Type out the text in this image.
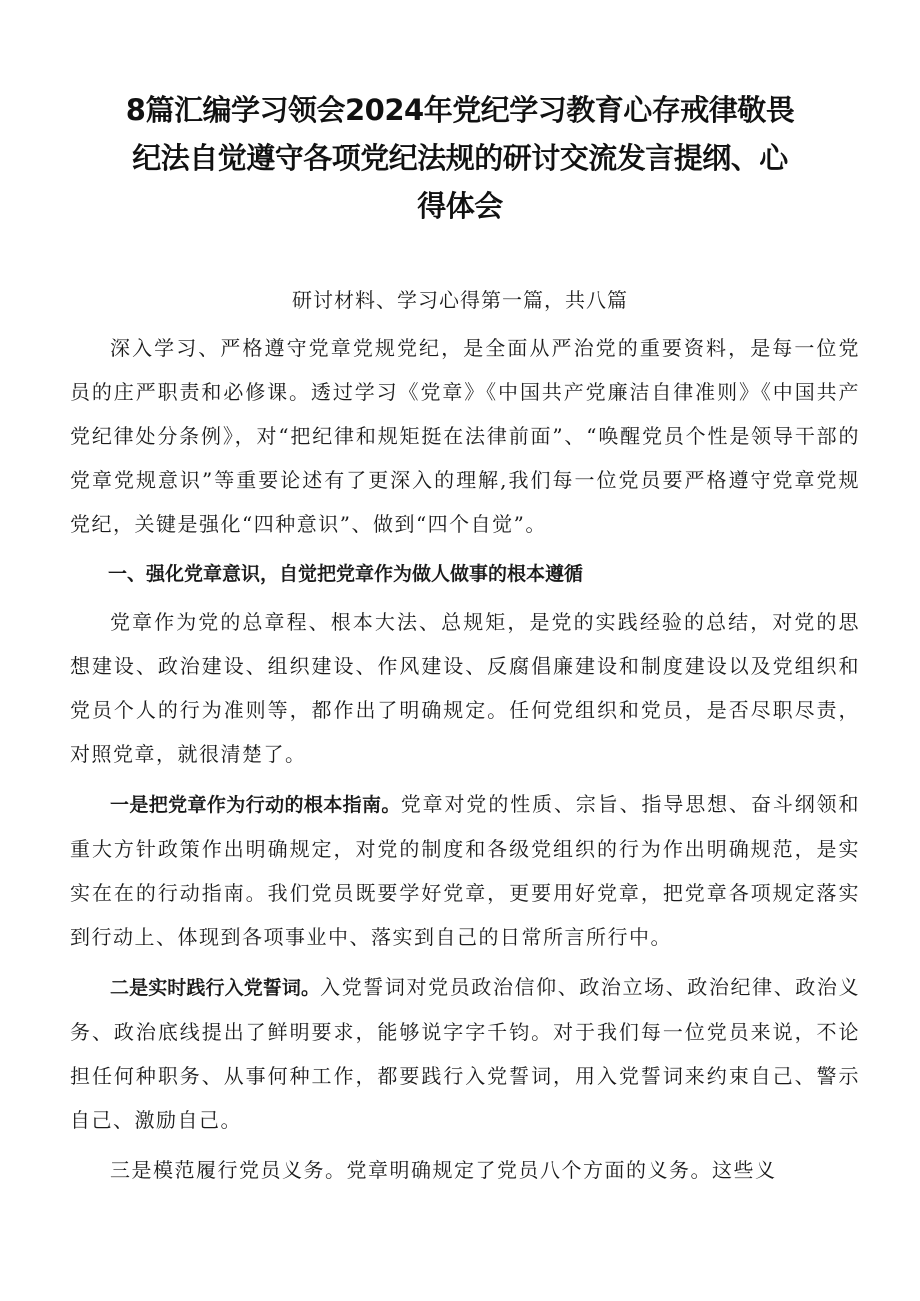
8篇汇编学习领会2024年党纪学习教育心存戒律敬畏
纪法自觉遵守各项党纪法规的研讨交流发言提纲、心
得体会

研讨材料、学习心得第一篇，共八篇

深入学习、严格遵守党章党规党纪，是全面从严治党的重要资料，是每一位党员的庄严职责和必修课。透过学习《党章》《中国共产党廉洁自律准则》《中国共产党纪律处分条例》，对“把纪律和规矩挺在法律前面”、“唤醒党员个性是领导干部的党章党规意识”等重要论述有了更深入的理解,我们每一位党员要严格遵守党章党规党纪，关键是强化“四种意识”、做到“四个自觉”。

一、强化党章意识，自觉把党章作为做人做事的根本遵循

党章作为党的总章程、根本大法、总规矩，是党的实践经验的总结，对党的思想建设、政治建设、组织建设、作风建设、反腐倡廉建设和制度建设以及党组织和党员个人的行为准则等，都作出了明确规定。任何党组织和党员，是否尽职尽责，对照党章，就很清楚了。

一是把党章作为行动的根本指南。党章对党的性质、宗旨、指导思想、奋斗纲领和重大方针政策作出明确规定，对党的制度和各级党组织的行为作出明确规范，是实实在在的行动指南。我们党员既要学好党章，更要用好党章，把党章各项规定落实到行动上、体现到各项事业中、落实到自己的日常所言所行中。

二是实时践行入党誓词。入党誓词对党员政治信仰、政治立场、政治纪律、政治义务、政治底线提出了鲜明要求，能够说字字千钧。对于我们每一位党员来说，不论担任何种职务、从事何种工作，都要践行入党誓词，用入党誓词来约束自己、警示自己、激励自己。

三是模范履行党员义务。党章明确规定了党员八个方面的义务。这些义
